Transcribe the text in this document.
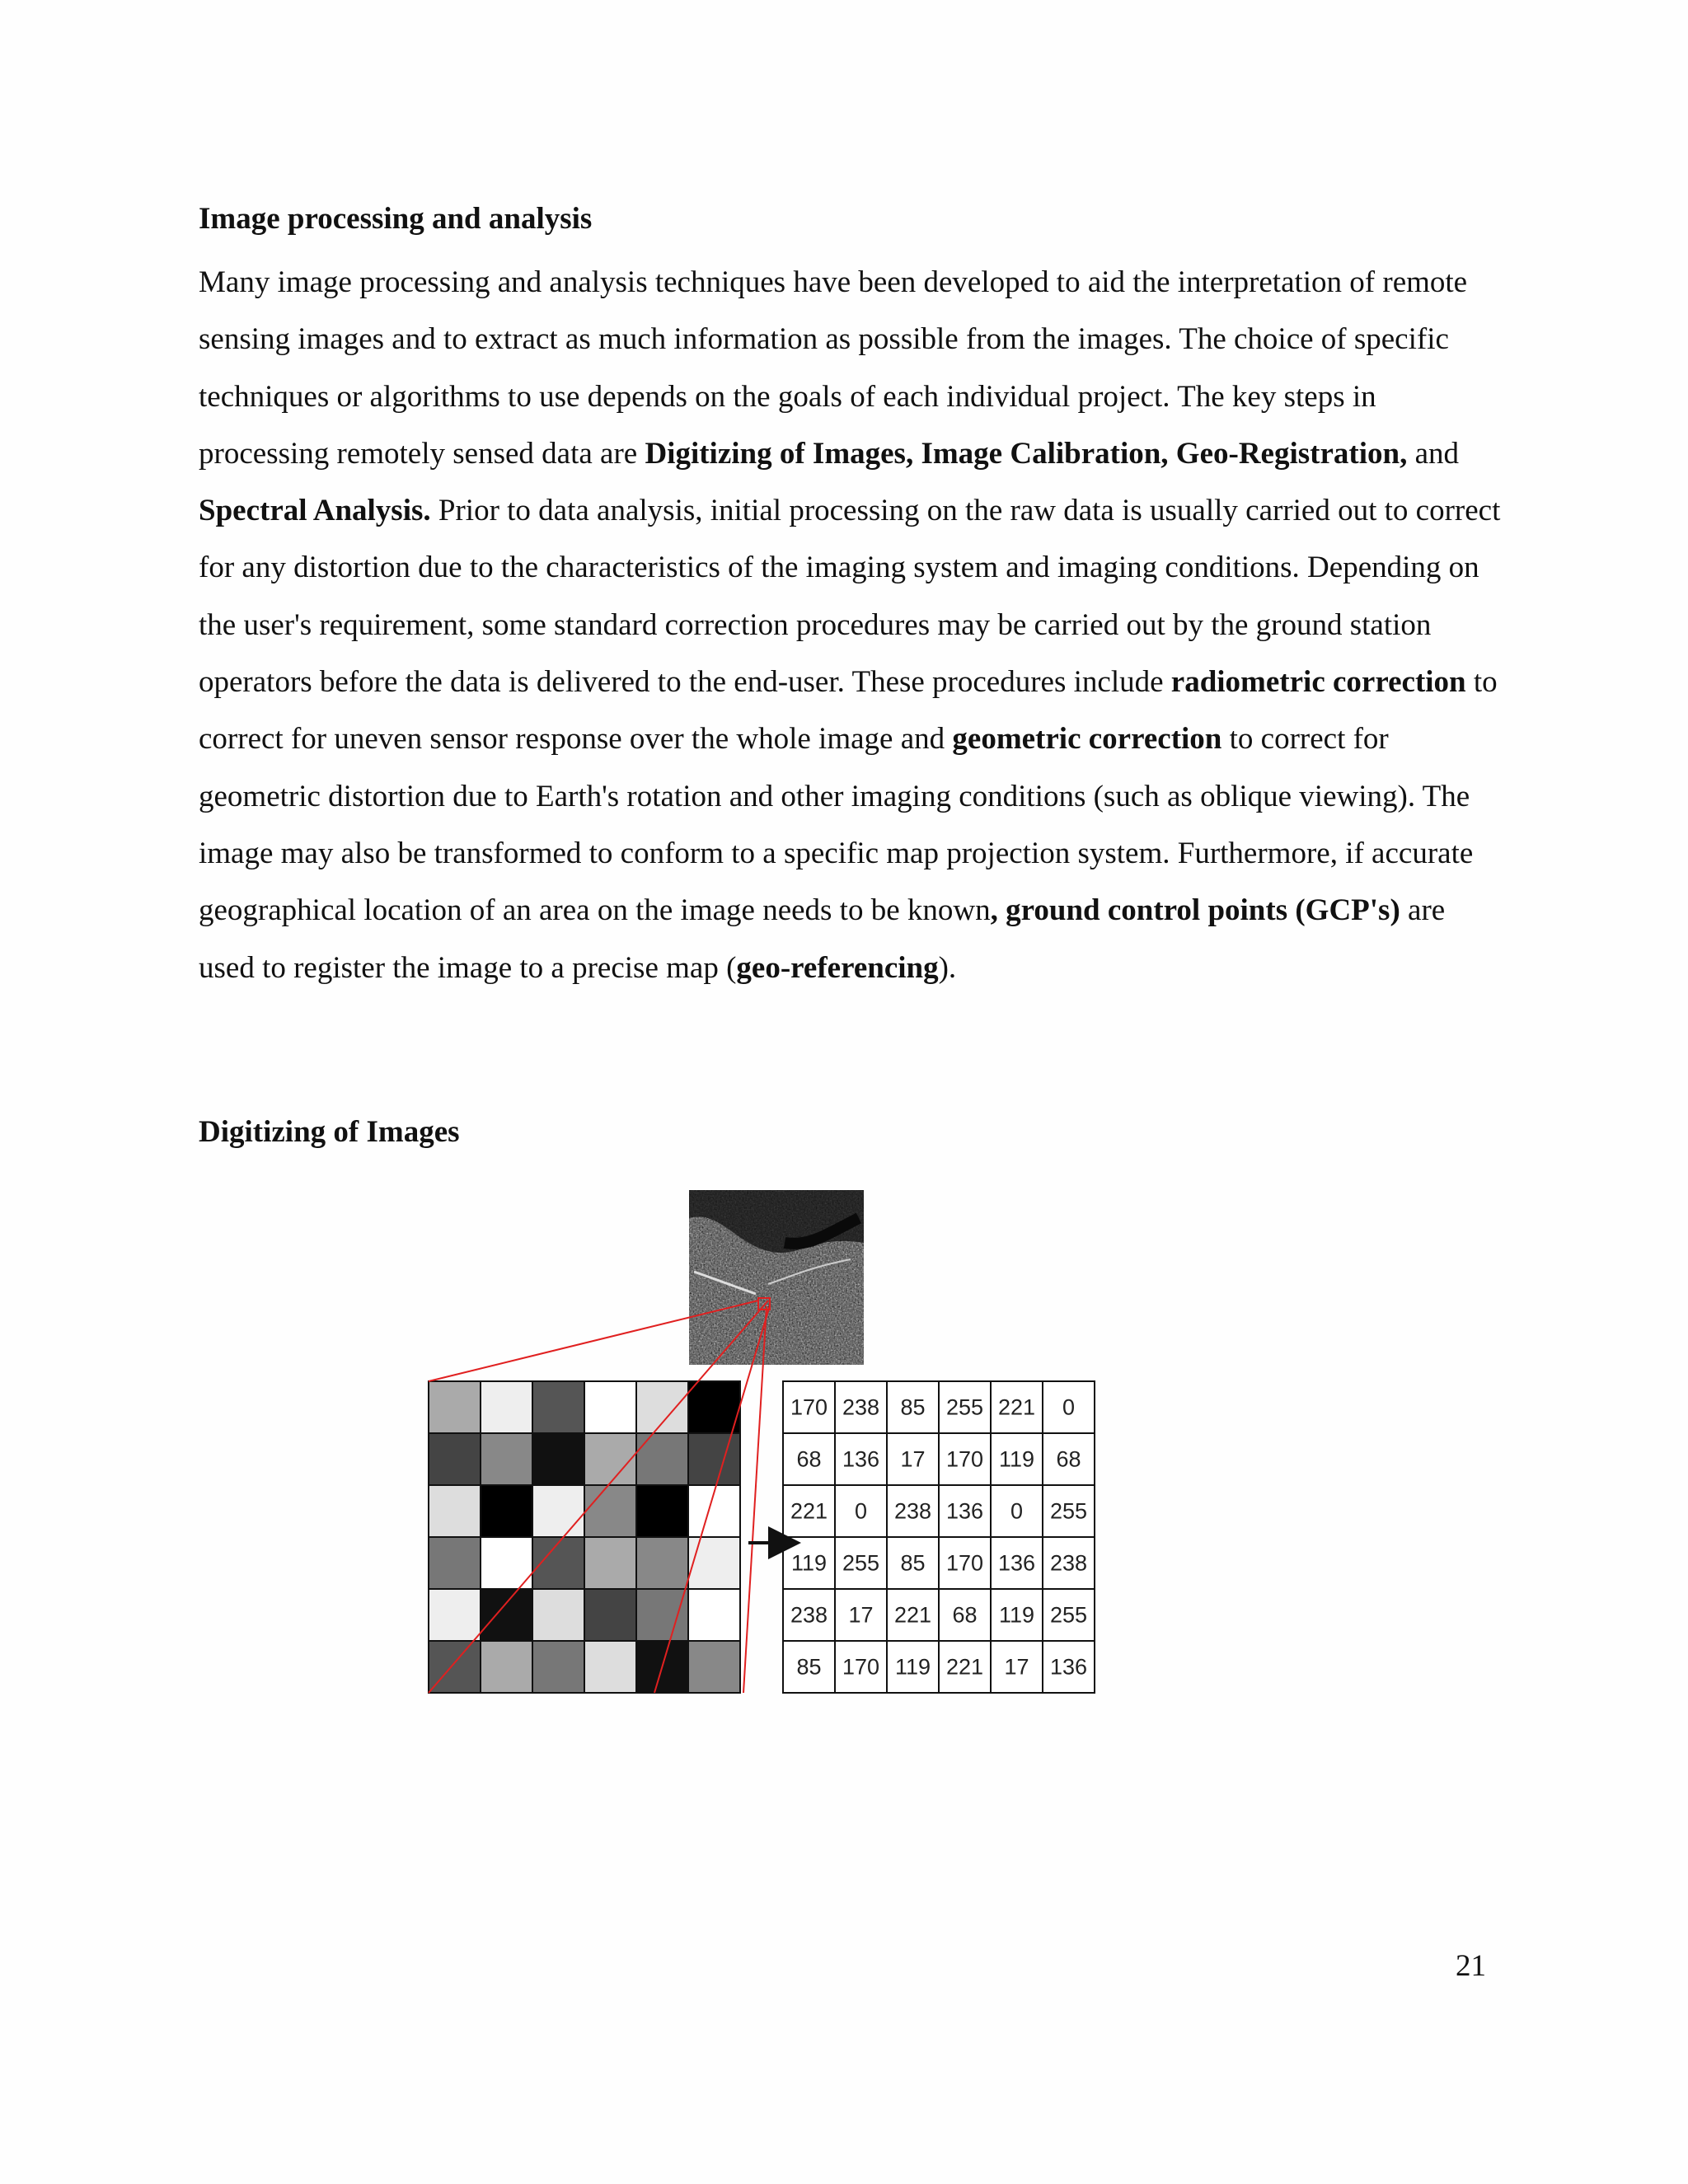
Image processing and analysis

Many image processing and analysis techniques have been developed to aid the interpretation of remote sensing images and to extract as much information as possible from the images. The choice of specific techniques or algorithms to use depends on the goals of each individual project. The key steps in processing remotely sensed data are Digitizing of Images, Image Calibration, Geo-Registration, and Spectral Analysis. Prior to data analysis, initial processing on the raw data is usually carried out to correct for any distortion due to the characteristics of the imaging system and imaging conditions. Depending on the user's requirement, some standard correction procedures may be carried out by the ground station operators before the data is delivered to the end-user. These procedures include radiometric correction to correct for uneven sensor response over the whole image and geometric correction to correct for geometric distortion due to Earth's rotation and other imaging conditions (such as oblique viewing). The image may also be transformed to conform to a specific map projection system. Furthermore, if accurate geographical location of an area on the image needs to be known, ground control points (GCP's) are used to register the image to a precise map (geo-referencing).

Digitizing of Images
170 238 85 255 221 0
68 136 17 170 119 68
221 0 238 136 0 255
119 255 85 170 136 238
238 17 221 68 119 255
85 170 119 221 17 136

21
